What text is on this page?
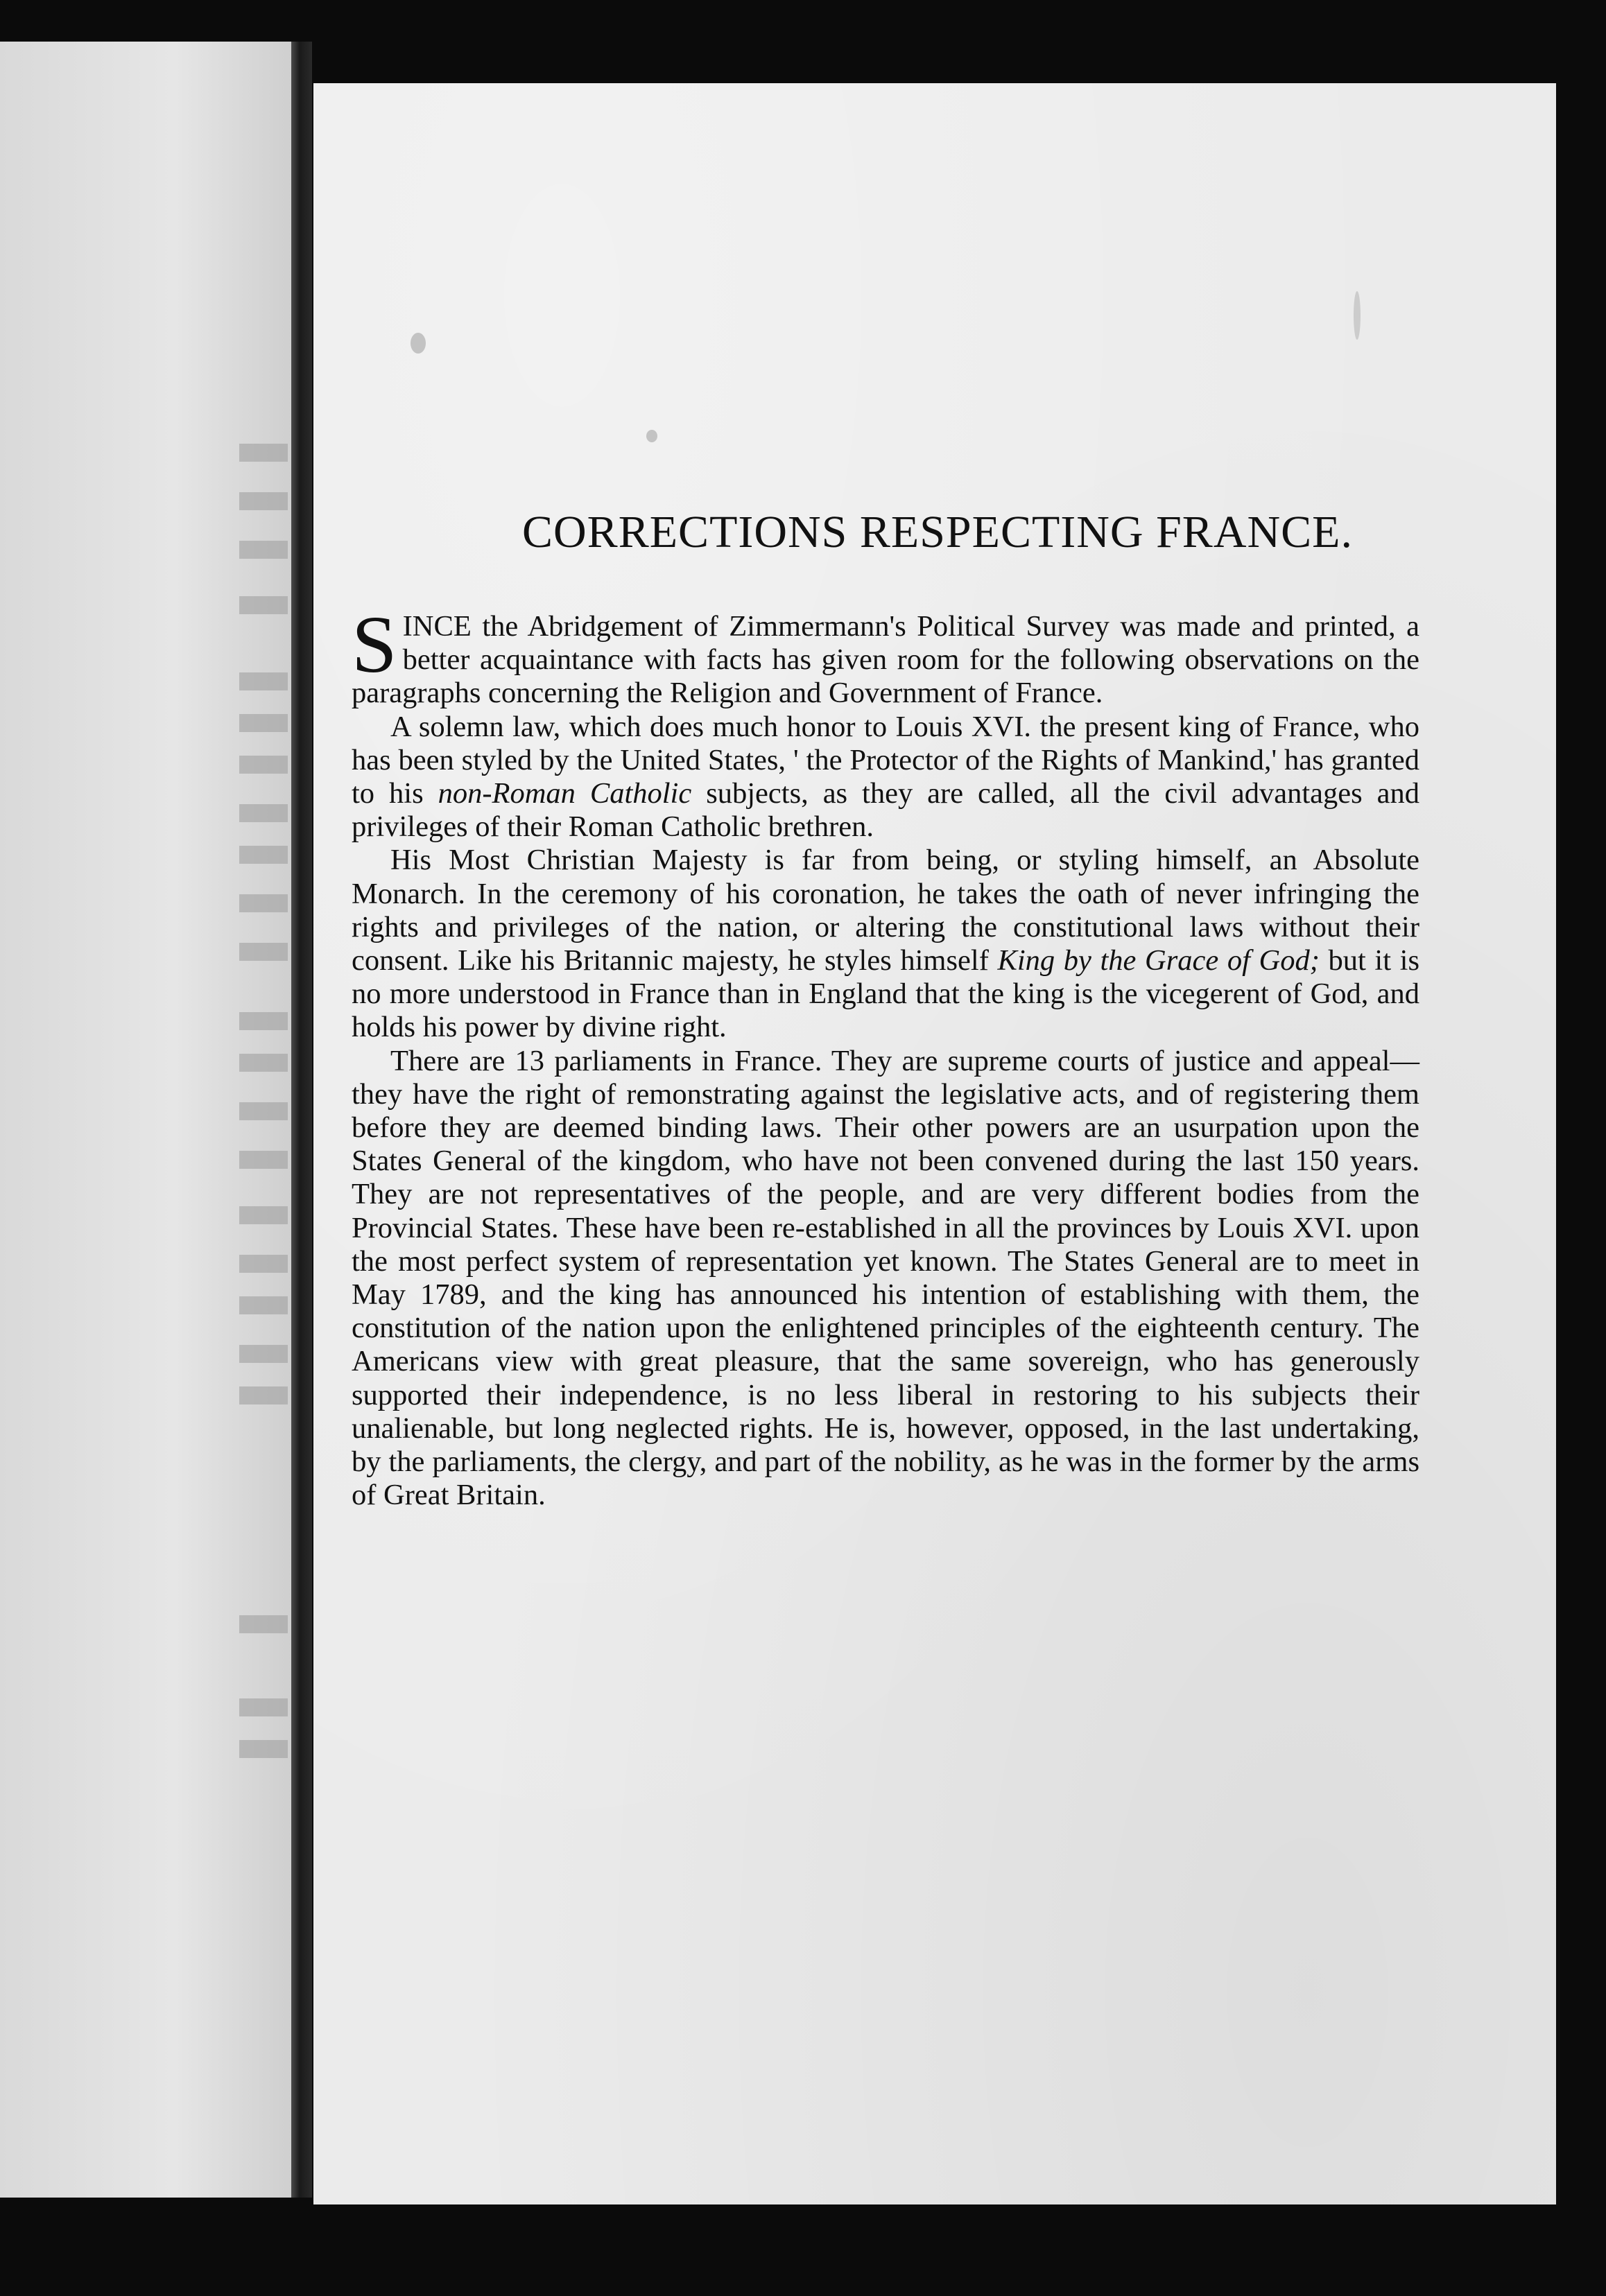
CORRECTIONS RESPECTING FRANCE.

SINCE the Abridgement of Zimmermann's Political Survey was made and printed, a better acquaintance with facts has given room for the following observations on the paragraphs concerning the Religion and Government of France.

A solemn law, which does much honor to Louis XVI. the present king of France, who has been styled by the United States, ' the Protector of the Rights of Mankind,' has granted to his non-Roman Catholic subjects, as they are called, all the civil advantages and privileges of their Roman Catholic brethren.

His Most Christian Majesty is far from being, or styling himself, an Absolute Monarch. In the ceremony of his coronation, he takes the oath of never infringing the rights and privileges of the nation, or altering the constitutional laws without their consent. Like his Britannic majesty, he styles himself King by the Grace of God; but it is no more understood in France than in England that the king is the vicegerent of God, and holds his power by divine right.

There are 13 parliaments in France. They are supreme courts of justice and appeal—they have the right of remonstrating against the legislative acts, and of registering them before they are deemed binding laws. Their other powers are an usurpation upon the States General of the kingdom, who have not been convened during the last 150 years. They are not representatives of the people, and are very different bodies from the Provincial States. These have been re-established in all the provinces by Louis XVI. upon the most perfect system of representation yet known. The States General are to meet in May 1789, and the king has announced his intention of establishing with them, the constitution of the nation upon the enlightened principles of the eighteenth century. The Americans view with great pleasure, that the same sovereign, who has generously supported their independence, is no less liberal in restoring to his subjects their unalienable, but long neglected rights. He is, however, opposed, in the last undertaking, by the parliaments, the clergy, and part of the nobility, as he was in the former by the arms of Great Britain.
